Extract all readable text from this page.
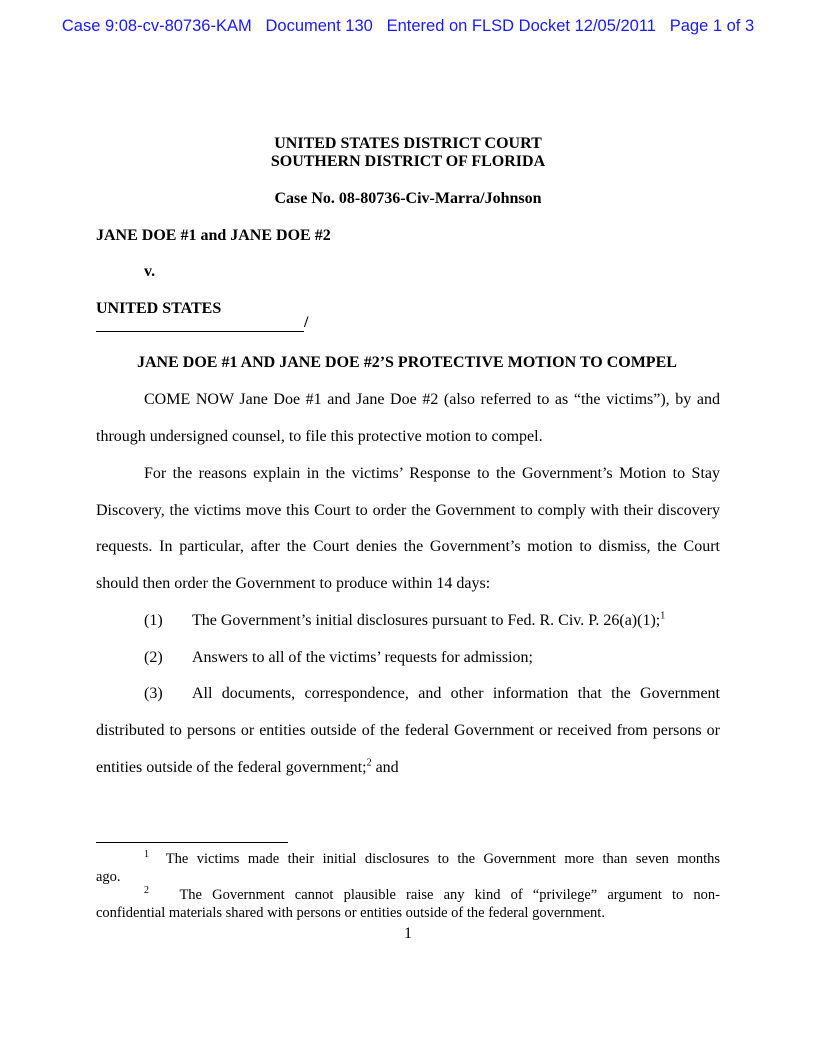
Case 9:08-cv-80736-KAM Document 130 Entered on FLSD Docket 12/05/2011 Page 1 of 3
UNITED STATES DISTRICT COURT
SOUTHERN DISTRICT OF FLORIDA
Case No. 08-80736-Civ-Marra/Johnson
JANE DOE #1 and JANE DOE #2
v.
UNITED STATES
/
JANE DOE #1 AND JANE DOE #2’S PROTECTIVE MOTION TO COMPEL
COME NOW Jane Doe #1 and Jane Doe #2 (also referred to as “the victims”), by and
through undersigned counsel, to file this protective motion to compel.
For the reasons explain in the victims’ Response to the Government’s Motion to Stay
Discovery, the victims move this Court to order the Government to comply with their discovery
requests. In particular, after the Court denies the Government’s motion to dismiss, the Court
should then order the Government to produce within 14 days:
(1) The Government’s initial disclosures pursuant to Fed. R. Civ. P. 26(a)(1);$^1$
(2) Answers to all of the victims’ requests for admission;
(3)	All documents, correspondence, and other information that the Government
distributed to persons or entities outside of the federal Government or received from persons or
entities outside of the federal government;$^2$ and
1 The victims made their initial disclosures to the Government more than seven months
ago.
2 The Government cannot plausible raise any kind of “privilege” argument to non-
confidential materials shared with persons or entities outside of the federal government.
1
